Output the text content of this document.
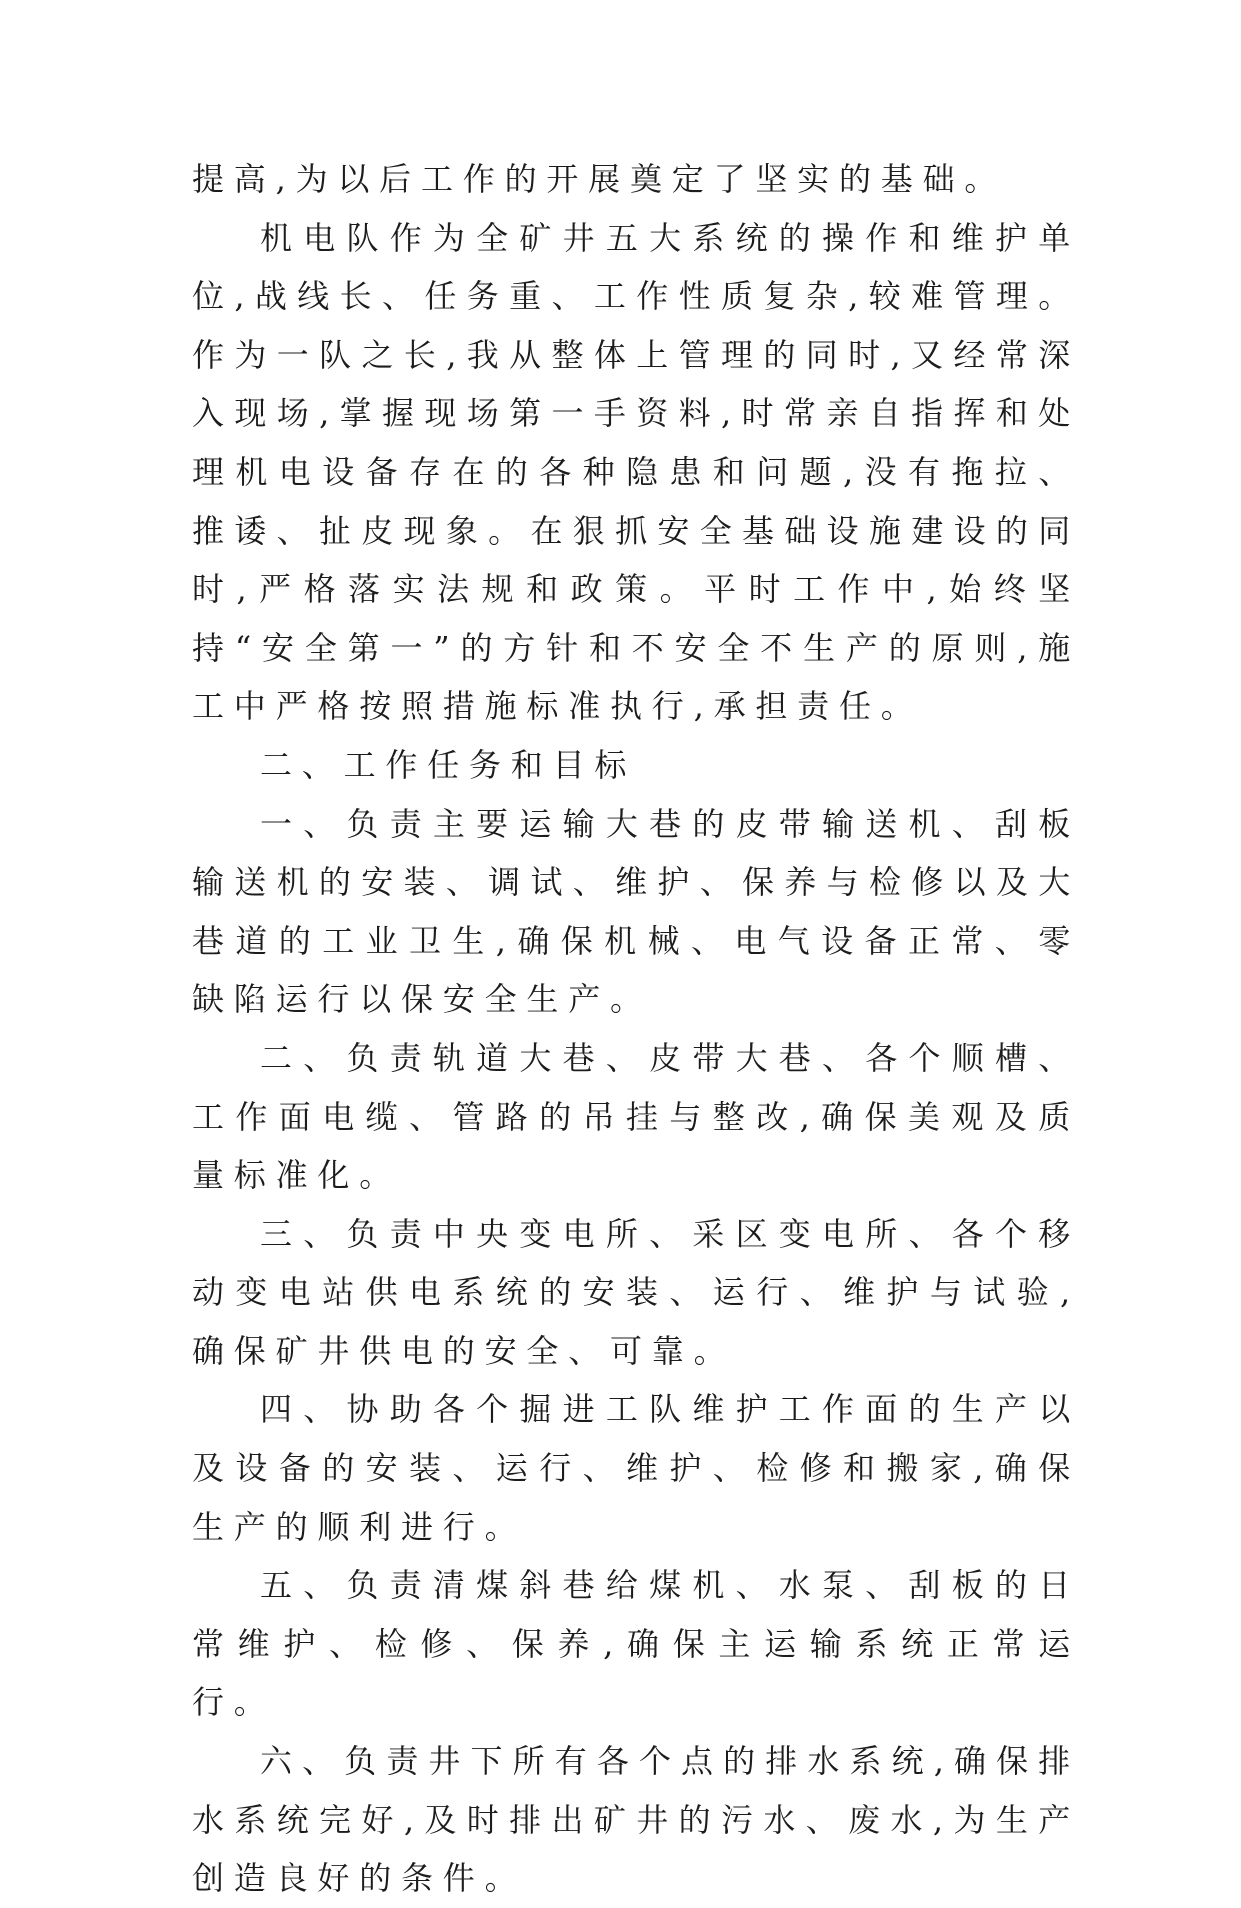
提高,为以后工作的开展奠定了坚实的基础。

机电队作为全矿井五大系统的操作和维护单位,战线长、任务重、工作性质复杂,较难管理。作为一队之长,我从整体上管理的同时,又经常深入现场,掌握现场第一手资料,时常亲自指挥和处理机电设备存在的各种隐患和问题,没有拖拉、推诿、扯皮现象。在狠抓安全基础设施建设的同时,严格落实法规和政策。平时工作中,始终坚持“安全第一”的方针和不安全不生产的原则,施工中严格按照措施标准执行,承担责任。

二、工作任务和目标

一、负责主要运输大巷的皮带输送机、刮板输送机的安装、调试、维护、保养与检修以及大巷道的工业卫生,确保机械、电气设备正常、零缺陷运行以保安全生产。

二、负责轨道大巷、皮带大巷、各个顺槽、工作面电缆、管路的吊挂与整改,确保美观及质量标准化。

三、负责中央变电所、采区变电所、各个移动变电站供电系统的安装、运行、维护与试验,确保矿井供电的安全、可靠。

四、协助各个掘进工队维护工作面的生产以及设备的安装、运行、维护、检修和搬家,确保生产的顺利进行。

五、负责清煤斜巷给煤机、水泵、刮板的日常维护、检修、保养,确保主运输系统正常运行。

六、负责井下所有各个点的排水系统,确保排水系统完好,及时排出矿井的污水、废水,为生产创造良好的条件。
